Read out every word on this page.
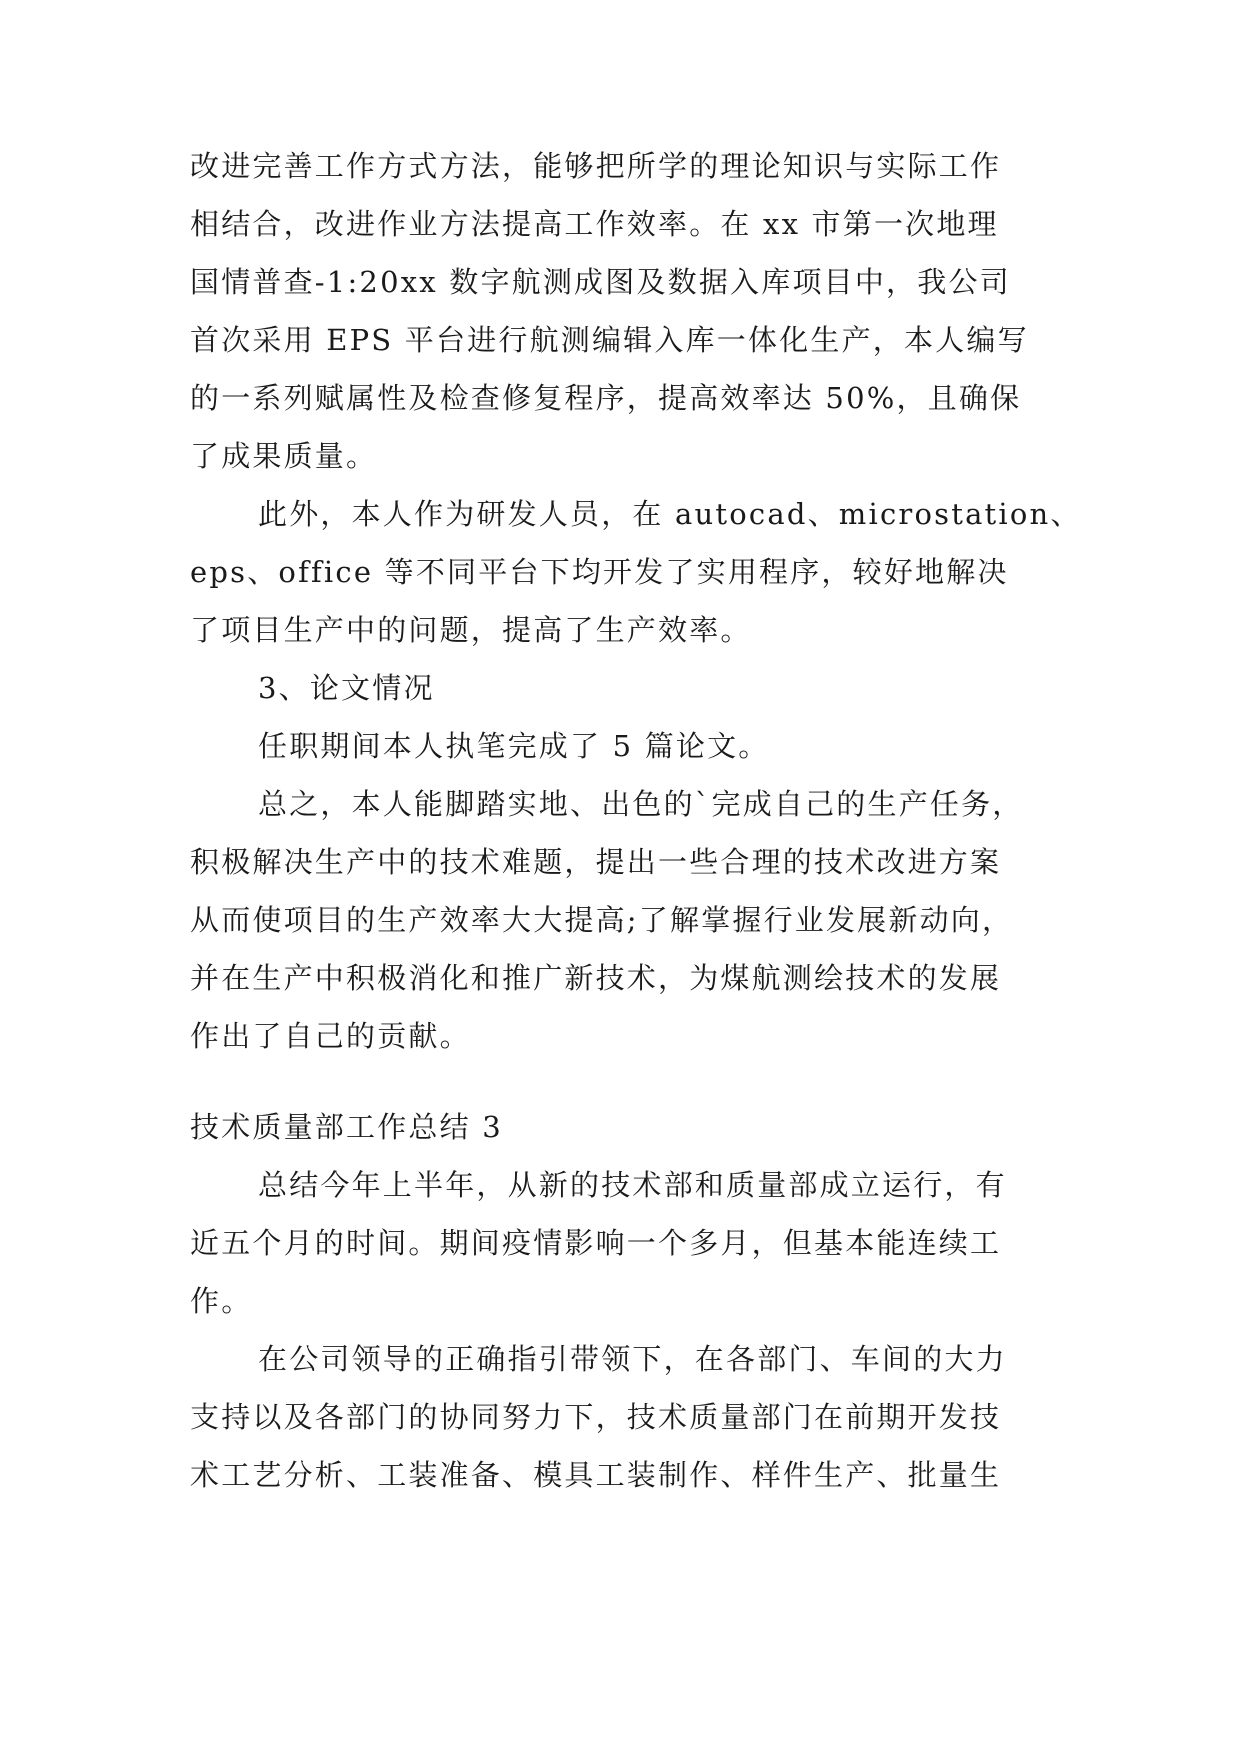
改进完善工作方式方法，能够把所学的理论知识与实际工作
相结合，改进作业方法提高工作效率。在 xx 市第一次地理
国情普查-1:20xx 数字航测成图及数据入库项目中，我公司
首次采用 EPS 平台进行航测编辑入库一体化生产，本人编写
的一系列赋属性及检查修复程序，提高效率达 50%，且确保
了成果质量。
此外，本人作为研发人员，在 autocad、microstation、
eps、office 等不同平台下均开发了实用程序，较好地解决
了项目生产中的问题，提高了生产效率。
3、论文情况
任职期间本人执笔完成了 5 篇论文。
总之，本人能脚踏实地、出色的`完成自己的生产任务，
积极解决生产中的技术难题，提出一些合理的技术改进方案
从而使项目的生产效率大大提高;了解掌握行业发展新动向，
并在生产中积极消化和推广新技术，为煤航测绘技术的发展
作出了自己的贡献。
技术质量部工作总结 3
总结今年上半年，从新的技术部和质量部成立运行，有
近五个月的时间。期间疫情影响一个多月，但基本能连续工
作。
在公司领导的正确指引带领下，在各部门、车间的大力
支持以及各部门的协同努力下，技术质量部门在前期开发技
术工艺分析、工装准备、模具工装制作、样件生产、批量生
